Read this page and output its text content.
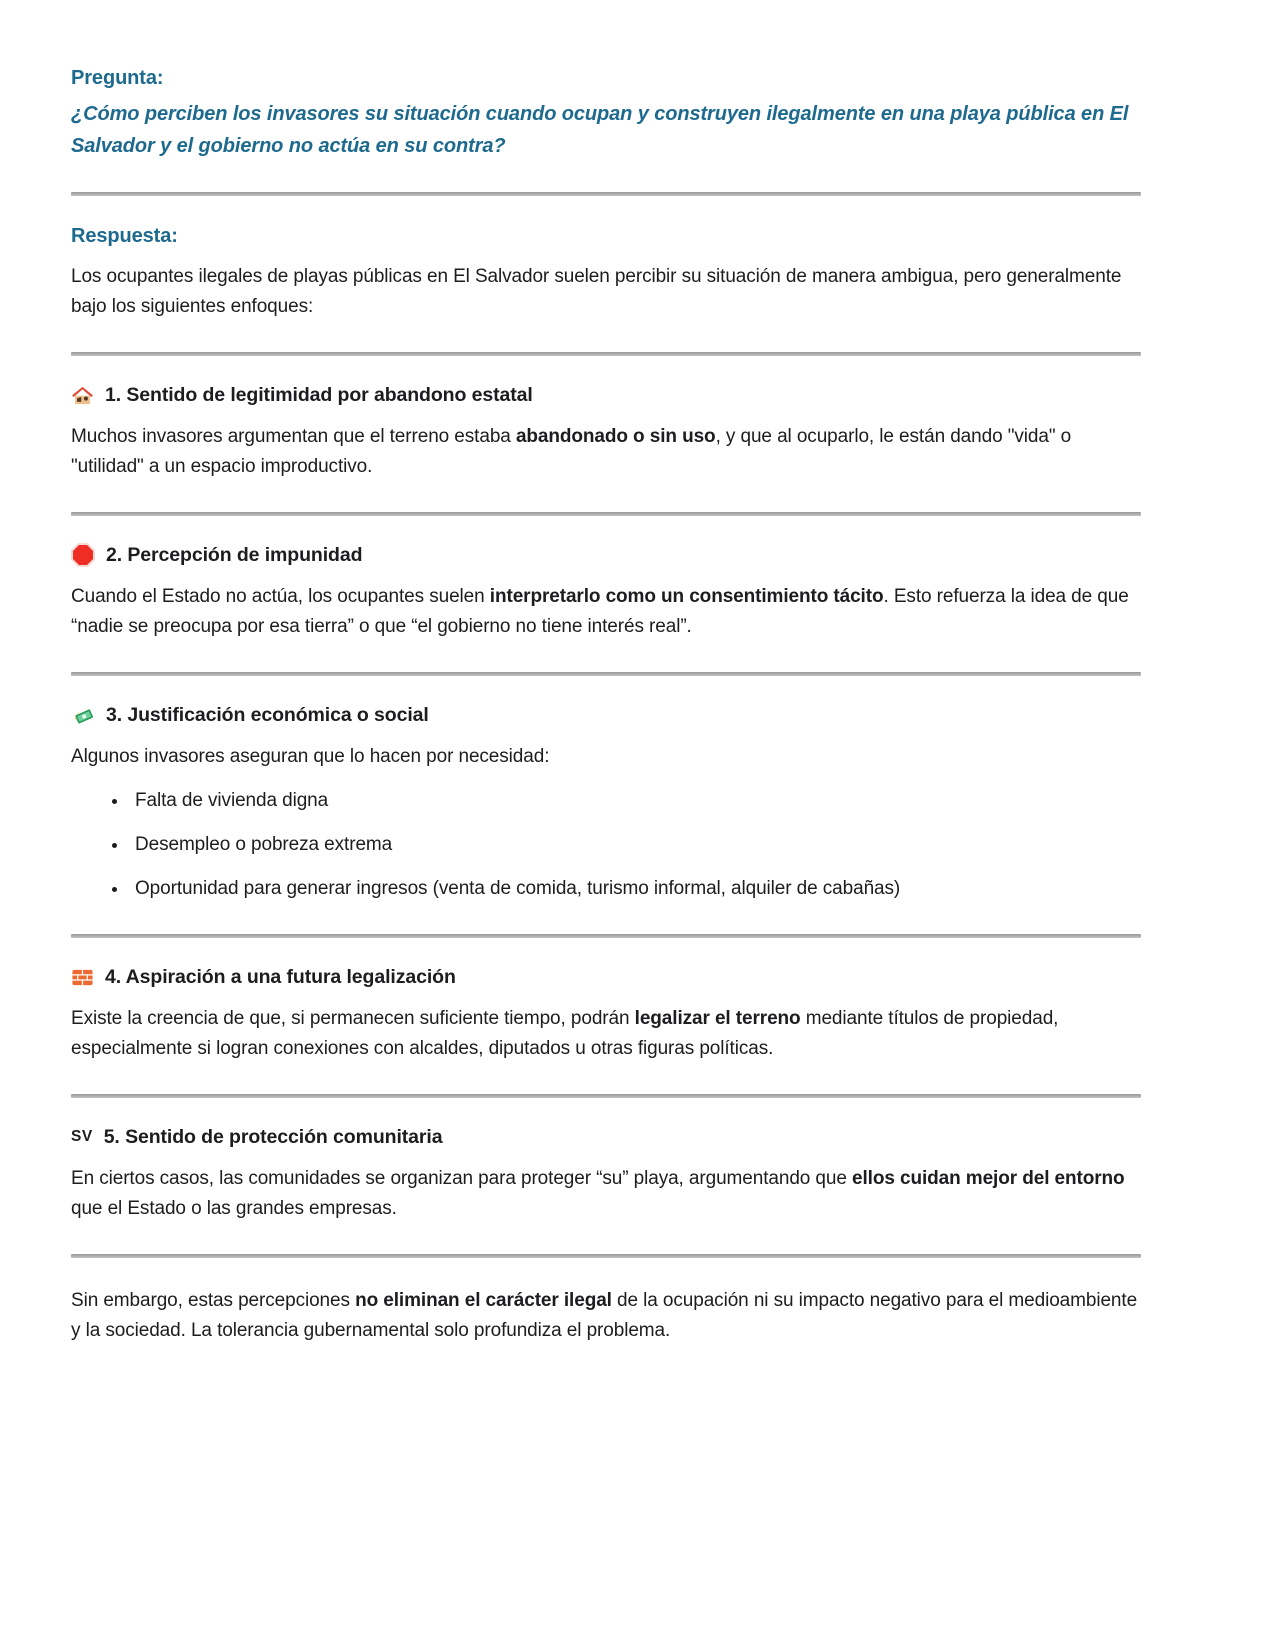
Pregunta:

¿Cómo perciben los invasores su situación cuando ocupan y construyen ilegalmente en una playa pública en El Salvador y el gobierno no actúa en su contra?

Respuesta:

Los ocupantes ilegales de playas públicas en El Salvador suelen percibir su situación de manera ambigua, pero generalmente bajo los siguientes enfoques:

1. Sentido de legitimidad por abandono estatal

Muchos invasores argumentan que el terreno estaba abandonado o sin uso, y que al ocuparlo, le están dando "vida" o "utilidad" a un espacio improductivo.

2. Percepción de impunidad

Cuando el Estado no actúa, los ocupantes suelen interpretarlo como un consentimiento tácito. Esto refuerza la idea de que “nadie se preocupa por esa tierra” o que “el gobierno no tiene interés real”.

3. Justificación económica o social

Algunos invasores aseguran que lo hacen por necesidad:

• Falta de vivienda digna
• Desempleo o pobreza extrema
• Oportunidad para generar ingresos (venta de comida, turismo informal, alquiler de cabañas)
4. Aspiración a una futura legalización

Existe la creencia de que, si permanecen suficiente tiempo, podrán legalizar el terreno mediante títulos de propiedad, especialmente si logran conexiones con alcaldes, diputados u otras figuras políticas.

SV 5. Sentido de protección comunitaria

En ciertos casos, las comunidades se organizan para proteger “su” playa, argumentando que ellos cuidan mejor del entorno que el Estado o las grandes empresas.

Sin embargo, estas percepciones no eliminan el carácter ilegal de la ocupación ni su impacto negativo para el medioambiente y la sociedad. La tolerancia gubernamental solo profundiza el problema.
